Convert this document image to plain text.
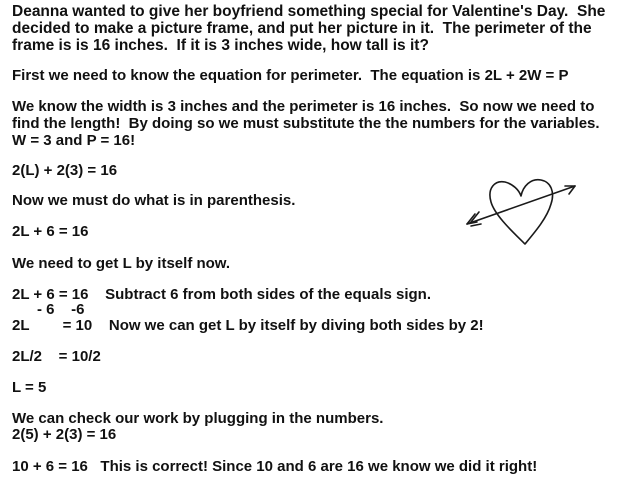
Deanna wanted to give her boyfriend something special for Valentine's Day.  She
decided to make a picture frame, and put her picture in it.  The perimeter of the
frame is is 16 inches.  If it is 3 inches wide, how tall is it?
First we need to know the equation for perimeter.  The equation is 2L + 2W = P
We know the width is 3 inches and the perimeter is 16 inches.  So now we need to
find the length!  By doing so we must substitute the the numbers for the variables.
W = 3 and P = 16!
2(L) + 2(3) = 16
Now we must do what is in parenthesis.
2L + 6 = 16
We need to get L by itself now.
2L + 6 = 16    Subtract 6 from both sides of the equals sign.
- 6    -6
2L        = 10    Now we can get L by itself by diving both sides by 2!
2L/2    = 10/2
L = 5
We can check our work by plugging in the numbers.
2(5) + 2(3) = 16
10 + 6 = 16   This is correct! Since 10 and 6 are 16 we know we did it right!
